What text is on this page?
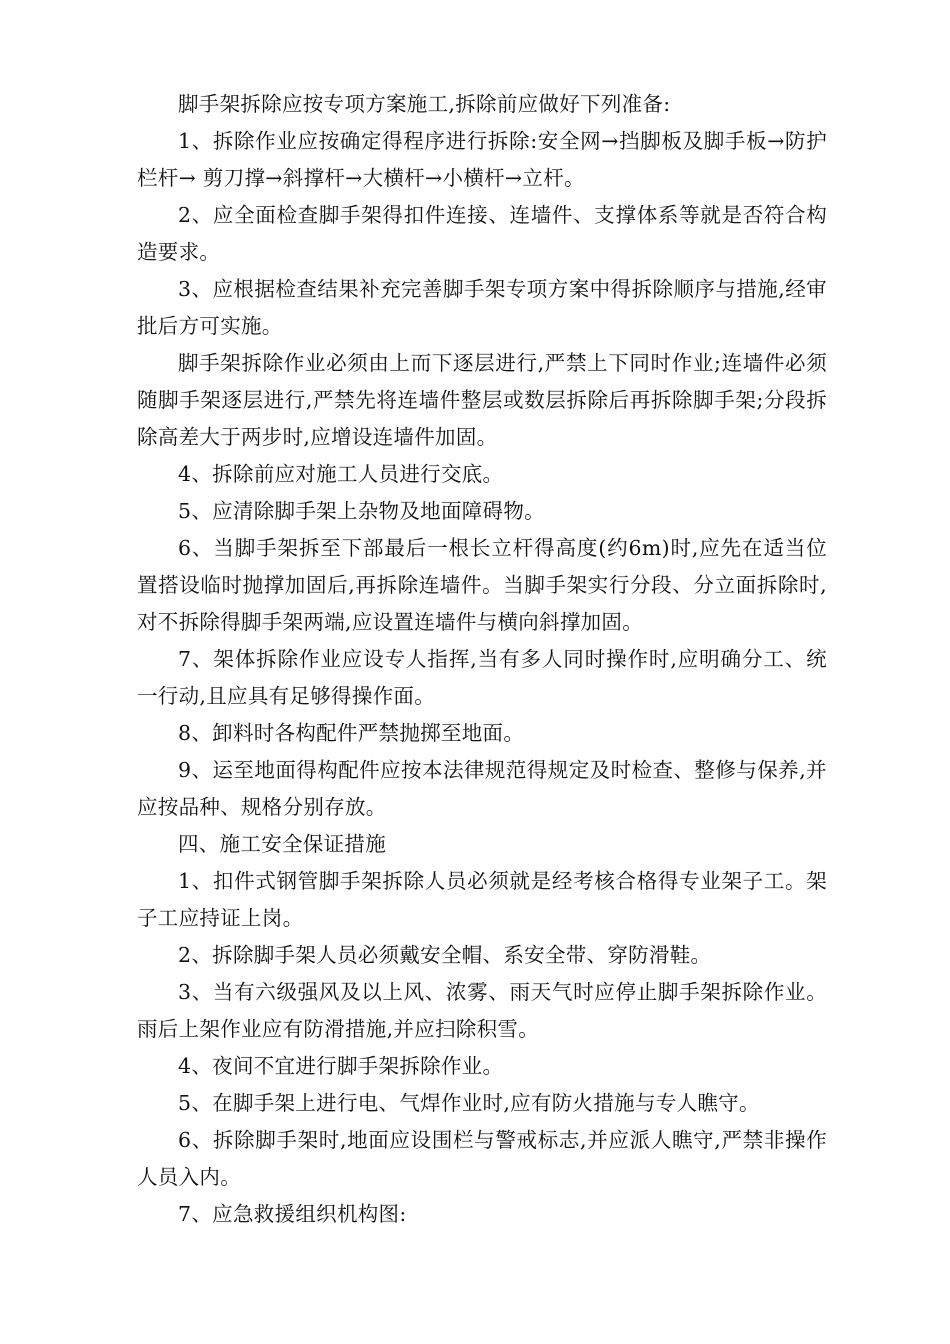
脚手架拆除应按专项方案施工,拆除前应做好下列准备:

1、拆除作业应按确定得程序进行拆除:安全网→挡脚板及脚手板→防护栏杆→ 剪刀撑→斜撑杆→大横杆→小横杆→立杆。

2、应全面检查脚手架得扣件连接、连墙件、支撑体系等就是否符合构造要求。

3、应根据检查结果补充完善脚手架专项方案中得拆除顺序与措施,经审批后方可实施。

脚手架拆除作业必须由上而下逐层进行,严禁上下同时作业;连墙件必须随脚手架逐层进行,严禁先将连墙件整层或数层拆除后再拆除脚手架;分段拆除高差大于两步时,应增设连墙件加固。

4、拆除前应对施工人员进行交底。

5、应清除脚手架上杂物及地面障碍物。

6、当脚手架拆至下部最后一根长立杆得高度(约6m)时,应先在适当位置搭设临时抛撑加固后,再拆除连墙件。当脚手架实行分段、分立面拆除时,对不拆除得脚手架两端,应设置连墙件与横向斜撑加固。

7、架体拆除作业应设专人指挥,当有多人同时操作时,应明确分工、统一行动,且应具有足够得操作面。

8、卸料时各构配件严禁抛掷至地面。

9、运至地面得构配件应按本法律规范得规定及时检查、整修与保养,并应按品种、规格分别存放。

四、施工安全保证措施

1、扣件式钢管脚手架拆除人员必须就是经考核合格得专业架子工。架子工应持证上岗。

2、拆除脚手架人员必须戴安全帽、系安全带、穿防滑鞋。

3、当有六级强风及以上风、浓雾、雨天气时应停止脚手架拆除作业。雨后上架作业应有防滑措施,并应扫除积雪。

4、夜间不宜进行脚手架拆除作业。

5、在脚手架上进行电、气焊作业时,应有防火措施与专人瞧守。

6、拆除脚手架时,地面应设围栏与警戒标志,并应派人瞧守,严禁非操作人员入内。

7、应急救援组织机构图:
